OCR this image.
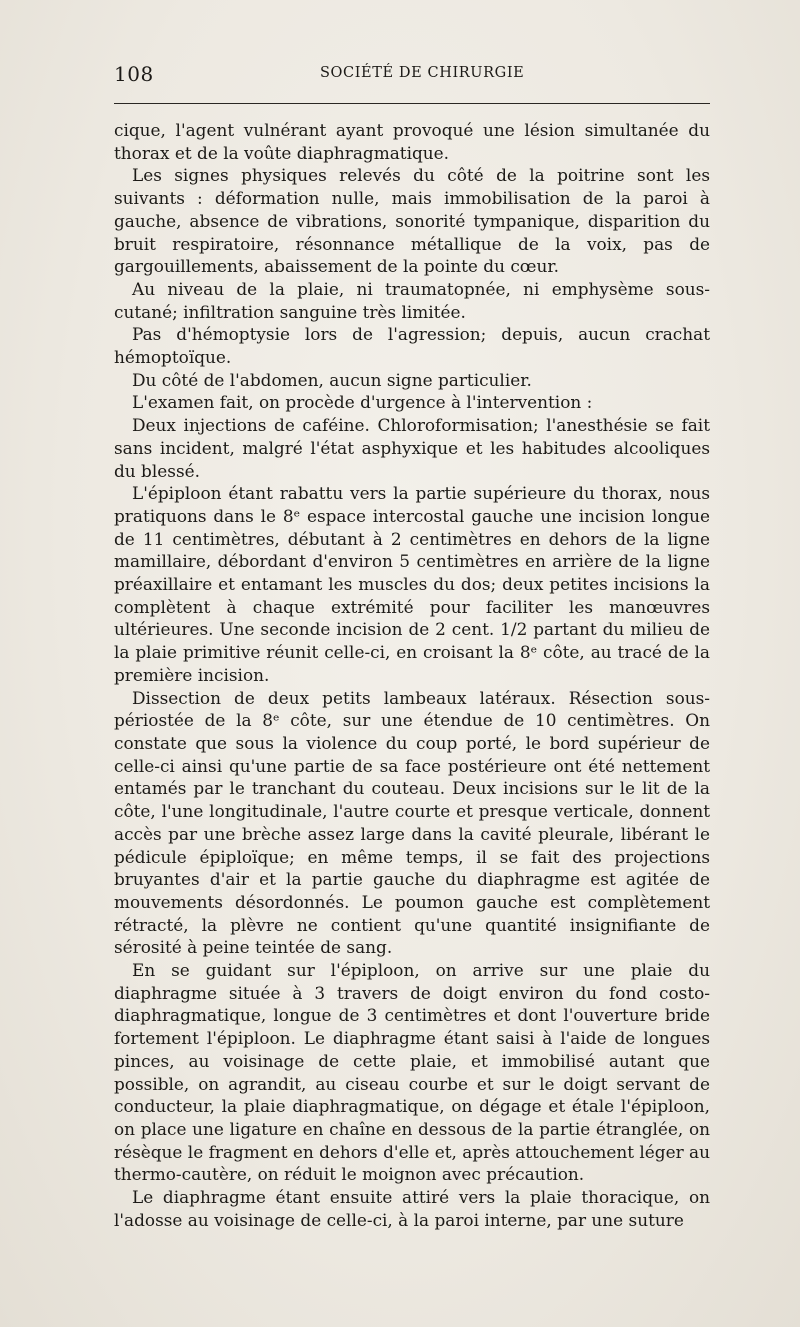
108	SOCIÉTÉ DE CHIRURGIE

cique, l'agent vulnérant ayant provoqué une lésion simultanée du thorax et de la voûte diaphragmatique.

Les signes physiques relevés du côté de la poitrine sont les suivants : déformation nulle, mais immobilisation de la paroi à gauche, absence de vibrations, sonorité tympanique, disparition du bruit respiratoire, résonnance métallique de la voix, pas de gargouillements, abaissement de la pointe du cœur.

Au niveau de la plaie, ni traumatopnée, ni emphysème sous-cutané; infiltration sanguine très limitée.

Pas d'hémoptysie lors de l'agression; depuis, aucun crachat hémoptoïque.

Du côté de l'abdomen, aucun signe particulier.

L'examen fait, on procède d'urgence à l'intervention :

Deux injections de caféine. Chloroformisation; l'anesthésie se fait sans incident, malgré l'état asphyxique et les habitudes alcooliques du blessé.

L'épiploon étant rabattu vers la partie supérieure du thorax, nous pratiquons dans le 8ᵉ espace intercostal gauche une incision longue de 11 centimètres, débutant à 2 centimètres en dehors de la ligne mamillaire, débordant d'environ 5 centimètres en arrière de la ligne préaxillaire et entamant les muscles du dos; deux petites incisions la complètent à chaque extrémité pour faciliter les manœuvres ultérieures. Une seconde incision de 2 cent. 1/2 partant du milieu de la plaie primitive réunit celle-ci, en croisant la 8ᵉ côte, au tracé de la première incision.

Dissection de deux petits lambeaux latéraux. Résection sous-périostée de la 8ᵉ côte, sur une étendue de 10 centimètres. On constate que sous la violence du coup porté, le bord supérieur de celle-ci ainsi qu'une partie de sa face postérieure ont été nettement entamés par le tranchant du couteau. Deux incisions sur le lit de la côte, l'une longitudinale, l'autre courte et presque verticale, donnent accès par une brèche assez large dans la cavité pleurale, libérant le pédicule épiploïque; en même temps, il se fait des projections bruyantes d'air et la partie gauche du diaphragme est agitée de mouvements désordonnés. Le poumon gauche est complètement rétracté, la plèvre ne contient qu'une quantité insignifiante de sérosité à peine teintée de sang.

En se guidant sur l'épiploon, on arrive sur une plaie du diaphragme située à 3 travers de doigt environ du fond costo-diaphragmatique, longue de 3 centimètres et dont l'ouverture bride fortement l'épiploon. Le diaphragme étant saisi à l'aide de longues pinces, au voisinage de cette plaie, et immobilisé autant que possible, on agrandit, au ciseau courbe et sur le doigt servant de conducteur, la plaie diaphragmatique, on dégage et étale l'épiploon, on place une ligature en chaîne en dessous de la partie étranglée, on résèque le fragment en dehors d'elle et, après attouchement léger au thermo-cautère, on réduit le moignon avec précaution.

Le diaphragme étant ensuite attiré vers la plaie thoracique, on l'adosse au voisinage de celle-ci, à la paroi interne, par une suture
